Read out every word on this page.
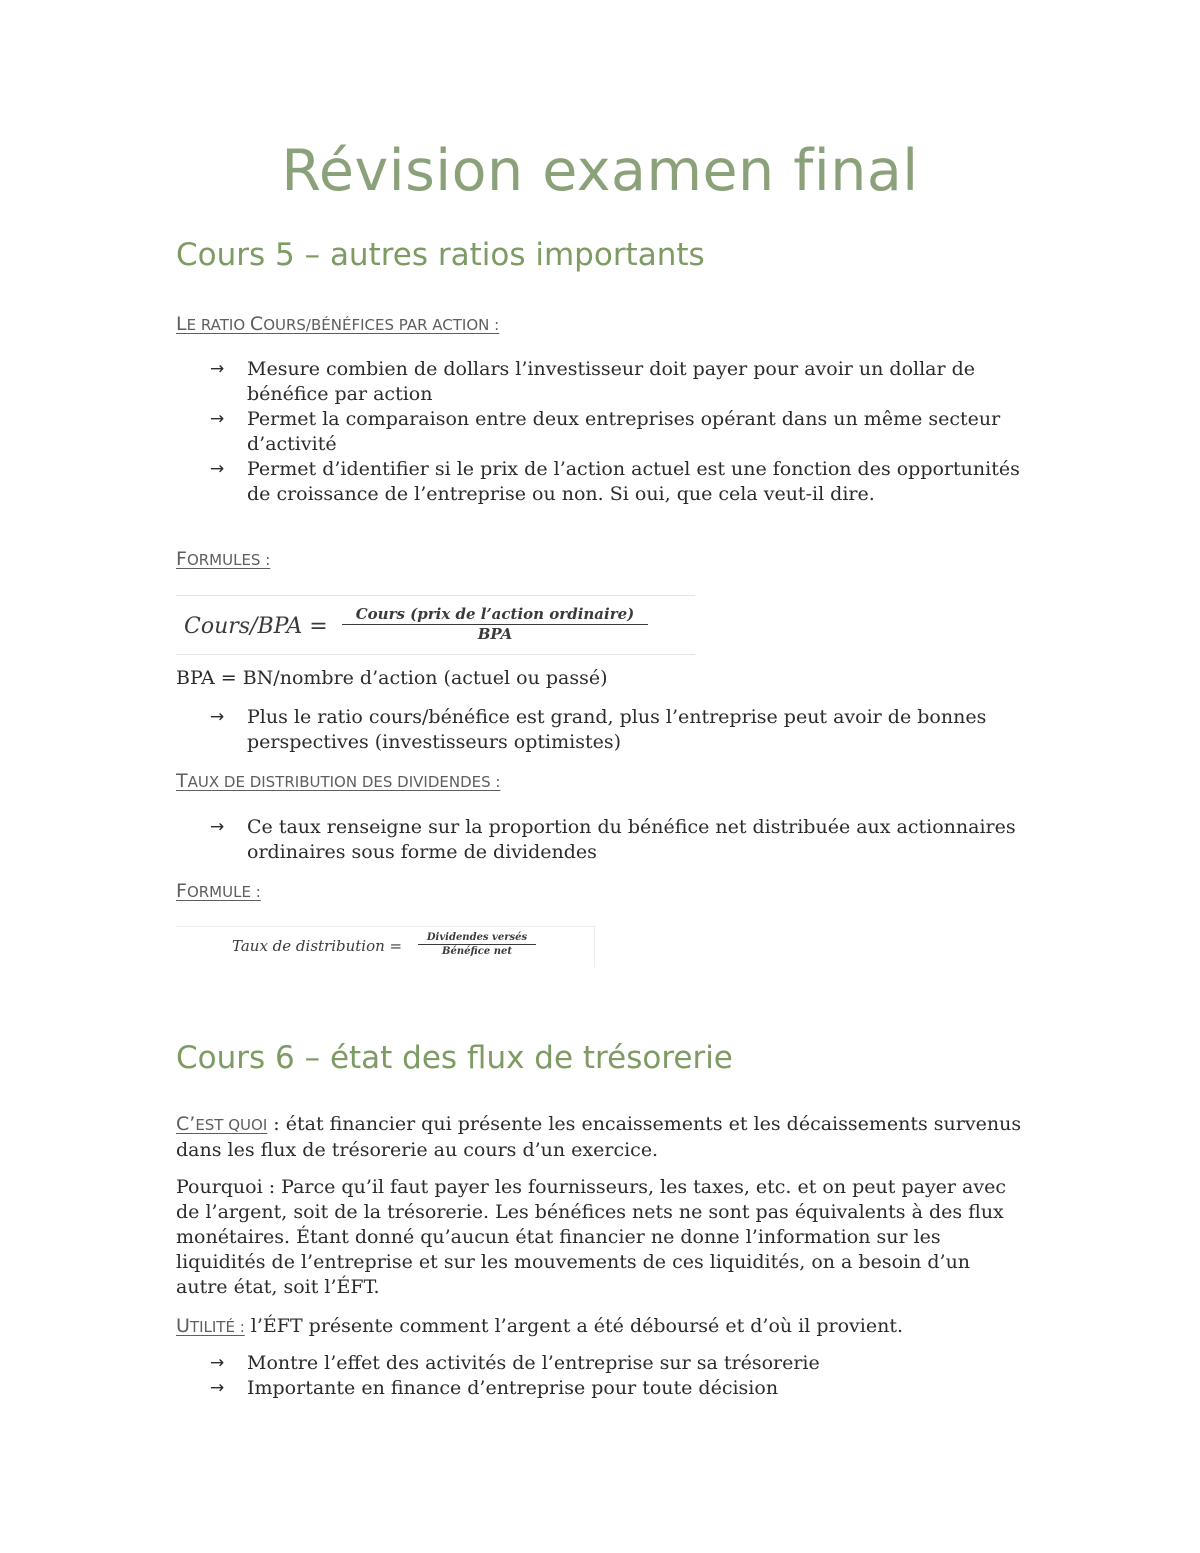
Révision examen final
Cours 5 – autres ratios importants
LE RATIO COURS/BÉNÉFICES PAR ACTION :
→ Mesure combien de dollars l’investisseur doit payer pour avoir un dollar de bénéfice par action
→ Permet la comparaison entre deux entreprises opérant dans un même secteur d’activité
→ Permet d’identifier si le prix de l’action actuel est une fonction des opportunités de croissance de l’entreprise ou non. Si oui, que cela veut-il dire.
FORMULES :
Cours/BPA =	Cours (prix de l’action ordinaire)
BPA

BPA = BN/nombre d’action (actuel ou passé)

→ Plus le ratio cours/bénéfice est grand, plus l’entreprise peut avoir de bonnes perspectives (investisseurs optimistes)
TAUX DE DISTRIBUTION DES DIVIDENDES :
→ Ce taux renseigne sur la proportion du bénéfice net distribuée aux actionnaires ordinaires sous forme de dividendes
FORMULE :
Taux de distribution =	Dividendes versés
Bénéfice net
Cours 6 – état des flux de trésorerie

C’EST QUOI : état financier qui présente les encaissements et les décaissements survenus dans les flux de trésorerie au cours d’un exercice.

Pourquoi : Parce qu’il faut payer les fournisseurs, les taxes, etc. et on peut payer avec de l’argent, soit de la trésorerie. Les bénéfices nets ne sont pas équivalents à des flux monétaires. Étant donné qu’aucun état financier ne donne l’information sur les liquidités de l’entreprise et sur les mouvements de ces liquidités, on a besoin d’un autre état, soit l’ÉFT.

UTILITÉ : l’ÉFT présente comment l’argent a été déboursé et d’où il provient.

→ Montre l’effet des activités de l’entreprise sur sa trésorerie
→ Importante en finance d’entreprise pour toute décision
